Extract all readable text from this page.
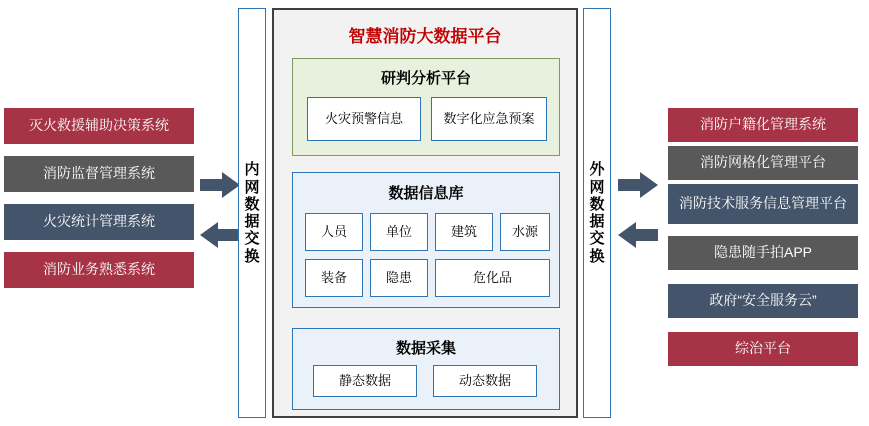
灭火救援辅助决策系统
消防监督管理系统
火灾统计管理系统
消防业务熟悉系统
内网数据交换
智慧消防大数据平台
研判分析平台
火灾预警信息	数字化应急预案
数据信息库
人员	单位	建筑	水源
装备	隐患	危化品
数据采集
静态数据	动态数据
外网数据交换
消防户籍化管理系统
消防网格化管理平台
消防技术服务信息管理平台
隐患随手拍APP
政府“安全服务云”
综治平台
